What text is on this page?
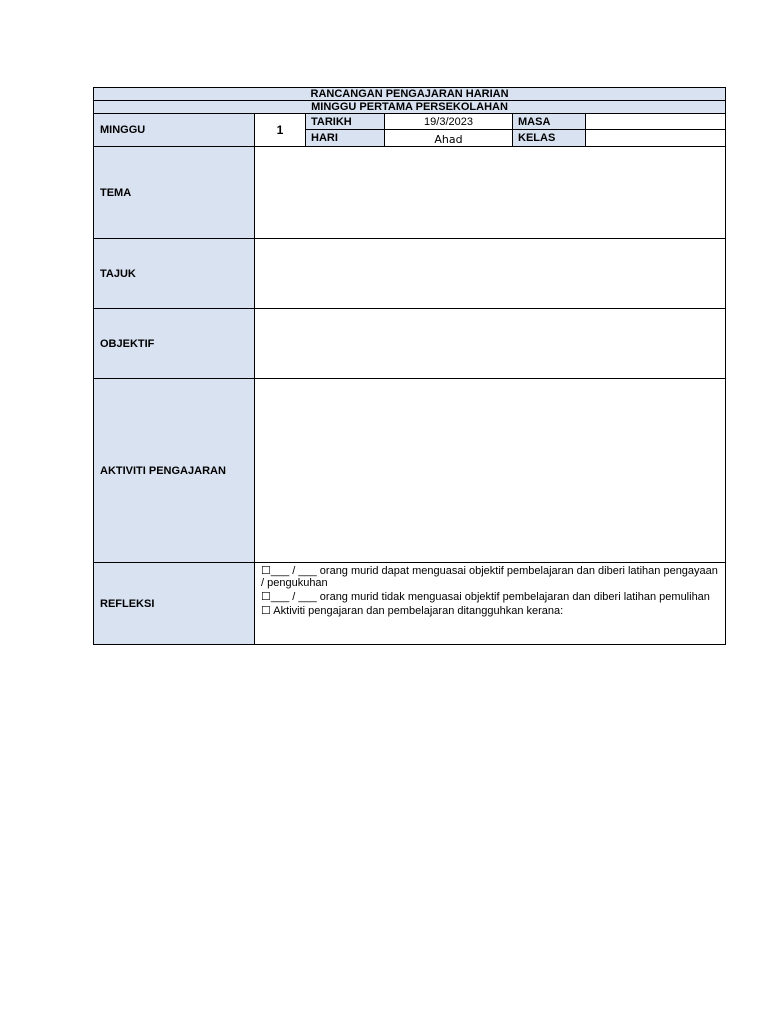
RANCANGAN PENGAJARAN HARIAN					
MINGGU PERTAMA PERSEKOLAHAN					
MINGGU	1	TARIKH	19/3/2023	MASA	
		HARI	Ahad	KELAS	
TEMA					
TAJUK					
OBJEKTIF					
AKTIVITI PENGAJARAN					
REFLEKSI	☐___ / ___ orang murid dapat menguasai objektif pembelajaran dan diberi latihan pengayaan / pengukuhan
☐___ / ___ orang murid tidak menguasai objektif pembelajaran dan diberi latihan pemulihan
☐ Aktiviti pengajaran dan pembelajaran ditangguhkan kerana:				
